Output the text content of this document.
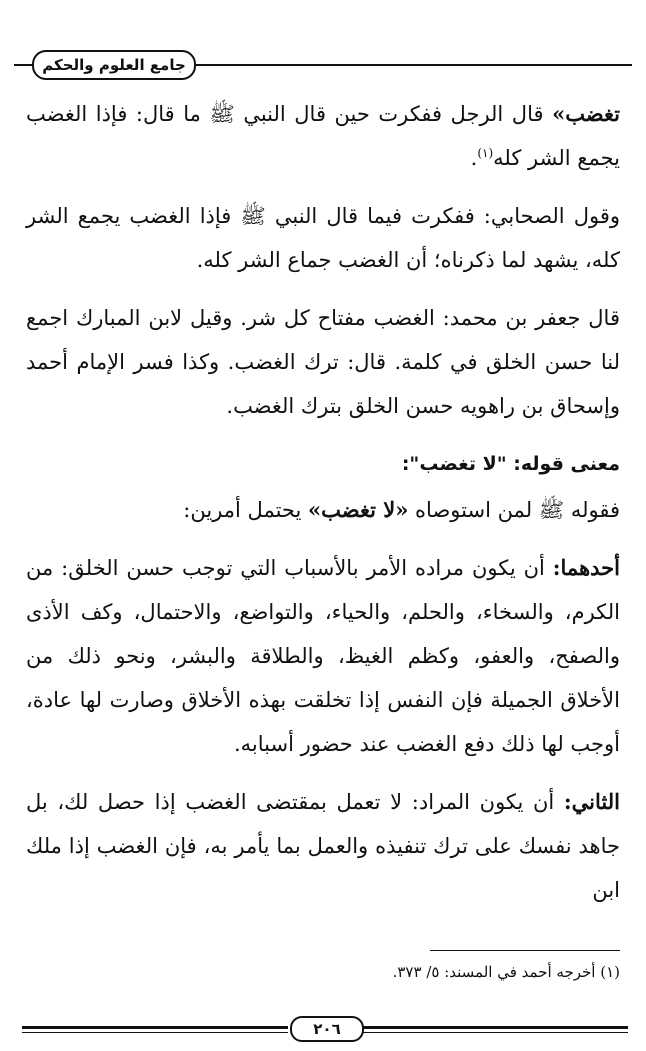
جامع العلوم والحكم

تغضب» قال الرجل ففكرت حين قال النبي ﷺ ما قال: فإذا الغضب يجمع الشر كله$^{(١)}$.

وقول الصحابي: ففكرت فيما قال النبي ﷺ فإذا الغضب يجمع الشر كله، يشهد لما ذكرناه؛ أن الغضب جماع الشر كله.

قال جعفر بن محمد: الغضب مفتاح كل شر. وقيل لابن المبارك اجمع لنا حسن الخلق في كلمة. قال: ترك الغضب. وكذا فسر الإمام أحمد وإسحاق بن راهويه حسن الخلق بترك الغضب.

معنى قوله: "لا تغضب":

فقوله ﷺ لمن استوصاه «لا تغضب» يحتمل أمرين:

أحدهما: أن يكون مراده الأمر بالأسباب التي توجب حسن الخلق: من الكرم، والسخاء، والحلم، والحياء، والتواضع، والاحتمال، وكف الأذى والصفح، والعفو، وكظم الغيظ، والطلاقة والبشر، ونحو ذلك من الأخلاق الجميلة فإن النفس إذا تخلقت بهذه الأخلاق وصارت لها عادة، أوجب لها ذلك دفع الغضب عند حضور أسبابه.

الثاني: أن يكون المراد: لا تعمل بمقتضى الغضب إذا حصل لك، بل جاهد نفسك على ترك تنفيذه والعمل بما يأمر به، فإن الغضب إذا ملك ابن

(١) أخرجه أحمد في المسند: ٥/ ٣٧٣.
٢٠٦
